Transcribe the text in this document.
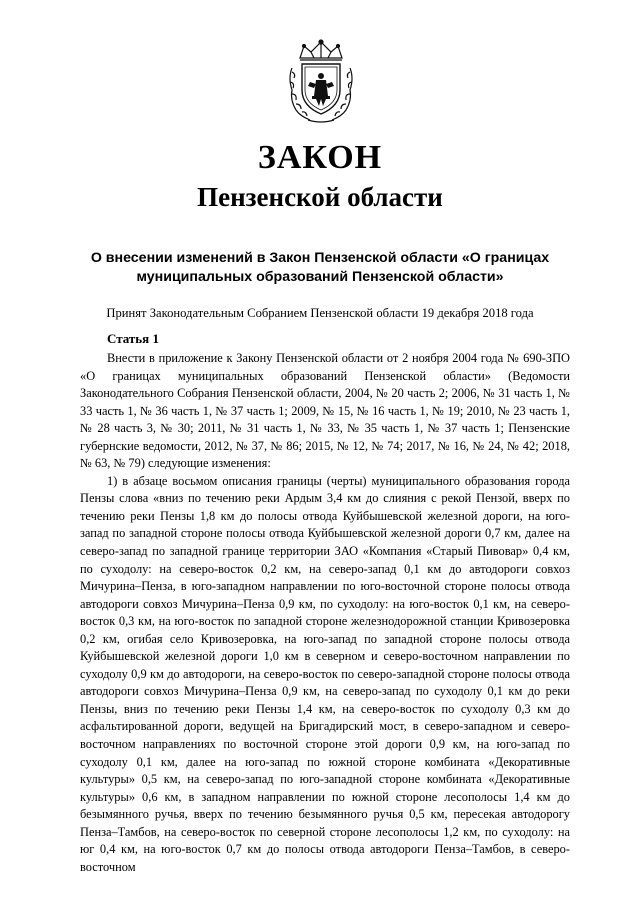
ЗАКОН
Пензенской области
О внесении изменений в Закон Пензенской области «О границах муниципальных образований Пензенской области»
Принят Законодательным Собранием Пензенской области 19 декабря 2018 года
Статья 1

Внести в приложение к Закону Пензенской области от 2 ноября 2004 года № 690-ЗПО «О границах муниципальных образований Пензенской области» (Ведомости Законодательного Собрания Пензенской области, 2004, № 20 часть 2; 2006, № 31 часть 1, № 33 часть 1, № 36 часть 1, № 37 часть 1; 2009, № 15, № 16 часть 1, № 19; 2010, № 23 часть 1, № 28 часть 3, № 30; 2011, № 31 часть 1, № 33, № 35 часть 1, № 37 часть 1; Пензенские губернские ведомости, 2012, № 37, № 86; 2015, № 12, № 74; 2017, № 16, № 24, № 42; 2018, № 63, № 79) следующие изменения:

1) в абзаце восьмом описания границы (черты) муниципального образования города Пензы слова «вниз по течению реки Ардым 3,4 км до слияния с рекой Пензой, вверх по течению реки Пензы 1,8 км до полосы отвода Куйбышевской железной дороги, на юго-запад по западной стороне полосы отвода Куйбышевской железной дороги 0,7 км, далее на северо-запад по западной границе территории ЗАО «Компания «Старый Пивовар» 0,4 км, по суходолу: на северо-восток 0,2 км, на северо-запад 0,1 км до автодороги совхоз Мичурина–Пенза, в юго-западном направлении по юго-восточной стороне полосы отвода автодороги совхоз Мичурина–Пенза 0,9 км, по суходолу: на юго-восток 0,1 км, на северо-восток 0,3 км, на юго-восток по западной стороне железнодорожной станции Кривозеровка 0,2 км, огибая село Кривозеровка, на юго-запад по западной стороне полосы отвода Куйбышевской железной дороги 1,0 км в северном и северо-восточном направлении по суходолу 0,9 км до автодороги, на северо-восток по северо-западной стороне полосы отвода автодороги совхоз Мичурина–Пенза 0,9 км, на северо-запад по суходолу 0,1 км до реки Пензы, вниз по течению реки Пензы 1,4 км, на северо-восток по суходолу 0,3 км до асфальтированной дороги, ведущей на Бригадирский мост, в северо-западном и северо-восточном направлениях по восточной стороне этой дороги 0,9 км, на юго-запад по суходолу 0,1 км, далее на юго-запад по южной стороне комбината «Декоративные культуры» 0,5 км, на северо-запад по юго-западной стороне комбината «Декоративные культуры» 0,6 км, в западном направлении по южной стороне лесополосы 1,4 км до безымянного ручья, вверх по течению безымянного ручья 0,5 км, пересекая автодорогу Пенза–Тамбов, на северо-восток по северной стороне лесополосы 1,2 км, по суходолу: на юг 0,4 км, на юго-восток 0,7 км до полосы отвода автодороги Пенза–Тамбов, в северо-восточном
